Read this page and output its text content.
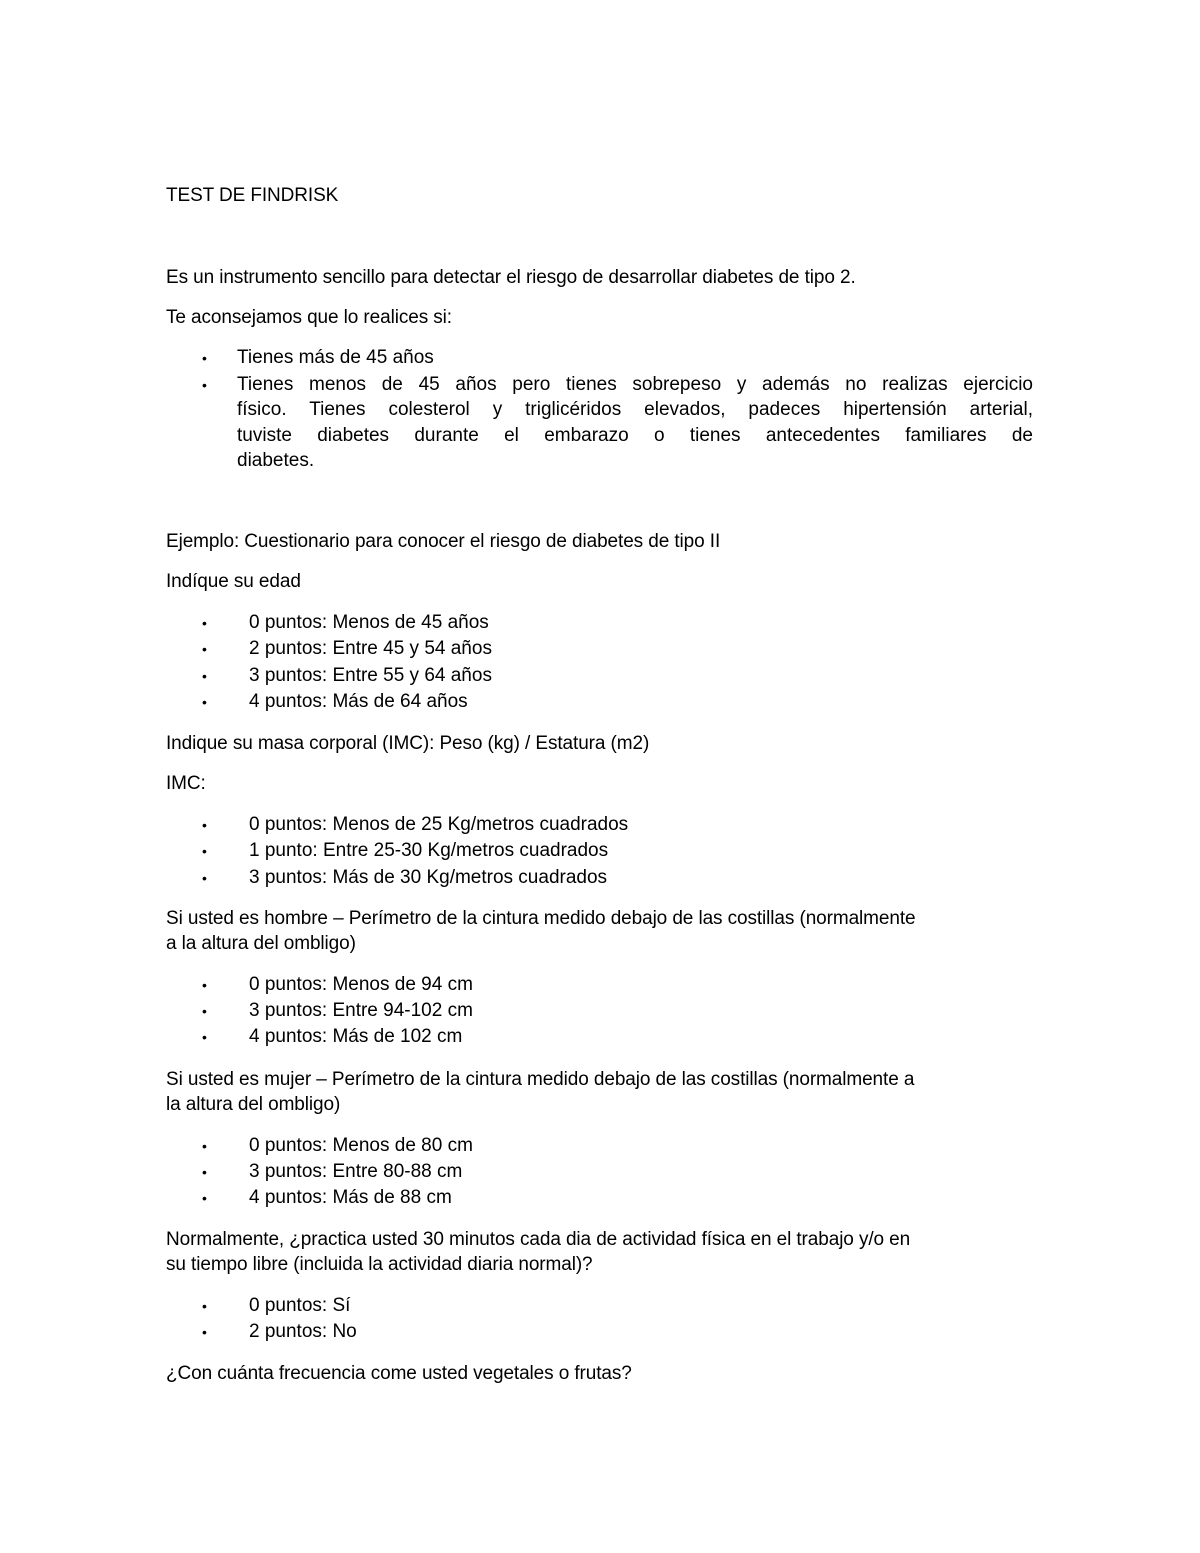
TEST DE FINDRISK

Es un instrumento sencillo para detectar el riesgo de desarrollar diabetes de tipo 2.

Te aconsejamos que lo realices si:

• Tienes más de 45 años
• Tienes menos de 45 años pero tienes sobrepeso y además no realizas ejercicio
físico. Tienes colesterol y triglicéridos elevados, padeces hipertensión arterial,
tuviste diabetes durante el embarazo o tienes antecedentes familiares de
diabetes.

Ejemplo: Cuestionario para conocer el riesgo de diabetes de tipo II

Indíque su edad

• 0 puntos: Menos de 45 años
• 2 puntos: Entre 45 y 54 años
• 3 puntos: Entre 55 y 64 años
• 4 puntos: Más de 64 años

Indique su masa corporal (IMC): Peso (kg) / Estatura (m2)

IMC:

• 0 puntos: Menos de 25 Kg/metros cuadrados
• 1 punto: Entre 25-30 Kg/metros cuadrados
• 3 puntos: Más de 30 Kg/metros cuadrados

Si usted es hombre – Perímetro de la cintura medido debajo de las costillas (normalmente

a la altura del ombligo)

• 0 puntos: Menos de 94 cm
• 3 puntos: Entre 94-102 cm
• 4 puntos: Más de 102 cm

Si usted es mujer – Perímetro de la cintura medido debajo de las costillas (normalmente a

la altura del ombligo)

• 0 puntos: Menos de 80 cm
• 3 puntos: Entre 80-88 cm
• 4 puntos: Más de 88 cm

Normalmente, ¿practica usted 30 minutos cada dia de actividad física en el trabajo y/o en

su tiempo libre (incluida la actividad diaria normal)?

• 0 puntos: Sí
• 2 puntos: No

¿Con cuánta frecuencia come usted vegetales o frutas?
